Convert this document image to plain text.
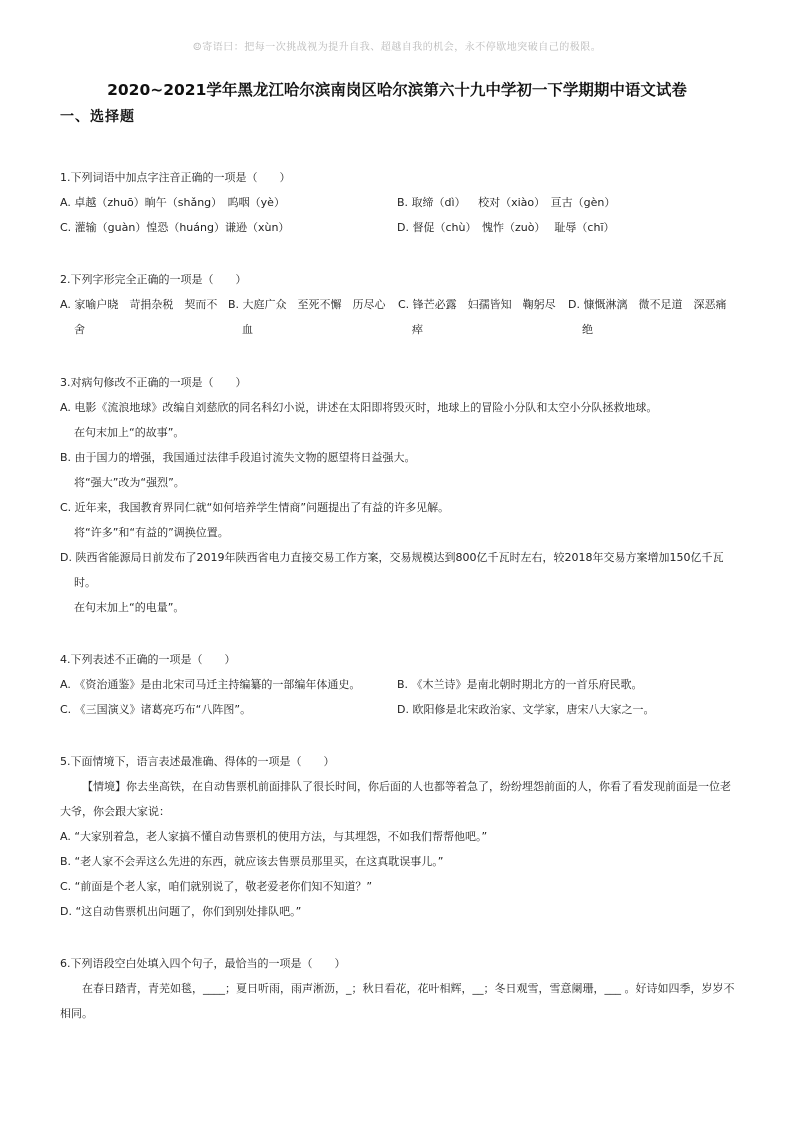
☺寄语曰：把每一次挑战视为提升自我、超越自我的机会，永不停歇地突破自己的极限。
2020~2021学年黑龙江哈尔滨南岗区哈尔滨第六十九中学初一下学期期中语文试卷
一、选择题

1.下列词语中加点字注音正确的一项是（　　）

A. 卓越（zhuō）晌午（shǎng）　呜咽（yè）	B. 取缔（dì）　  校对（xiào）　亘古（gèn）
C. 灌输（guàn）惶恐（huáng）谦逊（xùn）	D. 督促（chù）　愧怍（zuò）　 耻辱（chī）

2.下列字形完全正确的一项是（　　）

A. 家喻户晓　苛捐杂税　契而不舍
B. 大庭广众　至死不懈　历尽心血
C. 锋芒必露　妇孺皆知　鞠躬尽瘁
D. 慷慨淋漓　微不足道　深恶痛绝

3.对病句修改不正确的一项是（　　）

A. 电影《流浪地球》改编自刘慈欣的同名科幻小说，讲述在太阳即将毁灭时，地球上的冒险小分队和太空小分队拯救地球。

在句末加上“的故事”。

B. 由于国力的增强，我国通过法律手段追讨流失文物的愿望将日益强大。

将“强大”改为“强烈”。

C. 近年来，我国教育界同仁就“如何培养学生情商”问题提出了有益的许多见解。

将“许多”和“有益的”调换位置。

D. 陕西省能源局日前发布了2019年陕西省电力直接交易工作方案，交易规模达到800亿千瓦时左右，较2018年交易方案增加150亿千瓦时。

在句末加上“的电量”。

4.下列表述不正确的一项是（　　）

A. 《资治通鉴》是由北宋司马迁主持编纂的一部编年体通史。	B. 《木兰诗》是南北朝时期北方的一首乐府民歌。
C. 《三国演义》诸葛亮巧布“八阵图”。	D. 欧阳修是北宋政治家、文学家，唐宋八大家之一。

5.下面情境下，语言表述最准确、得体的一项是（　　）

【情境】你去坐高铁，在自动售票机前面排队了很长时间，你后面的人也都等着急了，纷纷埋怨前面的人，你看了看发现前面是一位老大爷，你会跟大家说：

A. “大家别着急，老人家搞不懂自动售票机的使用方法，与其埋怨，不如我们帮帮他吧。”

B. “老人家不会弄这么先进的东西，就应该去售票员那里买，在这真耽误事儿。”

C. “前面是个老人家，咱们就别说了，敬老爱老你们知不知道？”

D. “这自动售票机出问题了，你们到别处排队吧。”

6.下列语段空白处填入四个句子，最恰当的一项是（　　）

在春日踏青，青芜如毯，____；夏日听雨，雨声淅沥，_；秋日看花，花叶相辉，__；冬日观雪，雪意阑珊，___ 。好诗如四季，岁岁不相同。
